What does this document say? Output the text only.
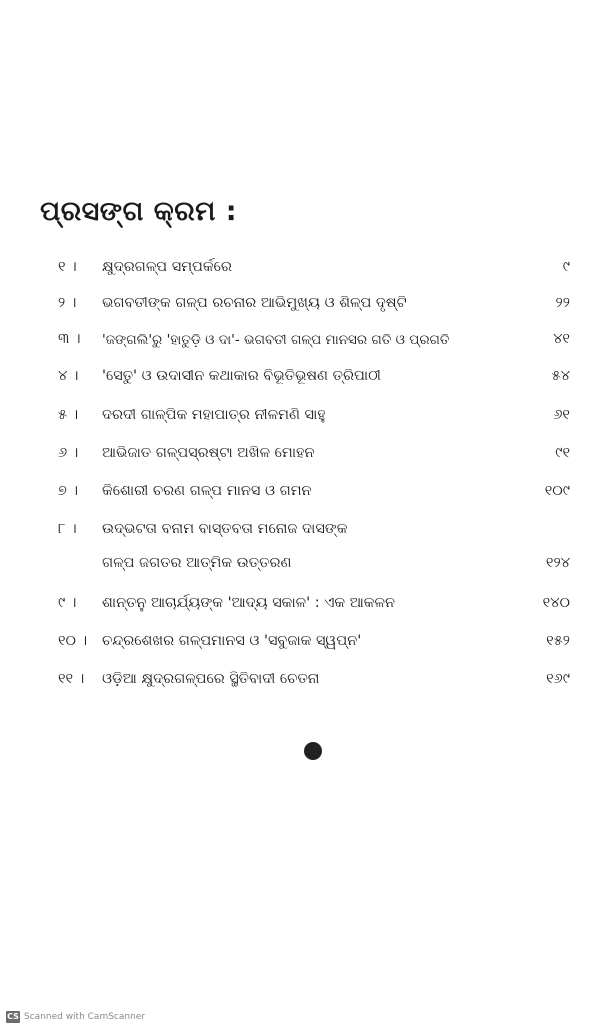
ପ୍ରସଙ୍ଗ କ୍ରମ :
୧ ।	କ୍ଷୁଦ୍ରଗଳ୍ପ ସମ୍ପର୍କରେ	୯
୨ ।	ଭଗବତୀଙ୍କ ଗଳ୍ପ ରଚନାର ଆଭିମୁଖ୍ୟ ଓ ଶିଳ୍ପ ଦୃଷ୍ଟି	୨୨
୩ ।	'ଜଙ୍ଗଲି'ରୁ 'ହାତୁଡ଼ି ଓ ଦା'- ଭଗବତୀ ଗଳ୍ପ ମାନସର ଗତି ଓ ପ୍ରଗତି	୪୧
୪ ।	'ସେତୁ' ଓ ଉଦାସୀନ କଥାକାର ବିଭୂତିଭୂଷଣ ତ୍ରିପାଠୀ	୫୪
୫ ।	ଦରଦୀ ଗାଳ୍ପିକ ମହାପାତ୍ର ନୀଳମଣି ସାହୁ	୬୧
୬ ।	ଆଭିଜାତ ଗଳ୍ପସ୍ରଷ୍ଟା ଅଖିଳ ମୋହନ	୯୧
୭ ।	କିଶୋରୀ ଚରଣ ଗଳ୍ପ ମାନସ ଓ ଗମନ	୧୦୯
୮ ।	ଉଦ୍ଭଟତା ବନାମ ବାସ୍ତବତା ମନୋଜ ଦାସଙ୍କ
ଗଳ୍ପ ଜଗତର ଆତ୍ମିକ ଉତ୍ତରଣ	୧୨୪
୯ ।	ଶାନ୍ତନୁ ଆଚାର୍ଯ୍ୟଙ୍କ 'ଆଦ୍ୟ ସକାଳ' : ଏକ ଆକଳନ	୧୪୦
୧୦ ।	ଚନ୍ଦ୍ରଶେଖର ଗଳ୍ପମାନସ ଓ 'ସବୁଜାକ ସ୍ୱପ୍ନ'	୧୫୨
୧୧ ।	ଓଡ଼ିଆ କ୍ଷୁଦ୍ରଗଳ୍ପରେ ସ୍ଥିତିବାଦୀ ଚେତନା	୧୬୯
CS Scanned with CamScanner
